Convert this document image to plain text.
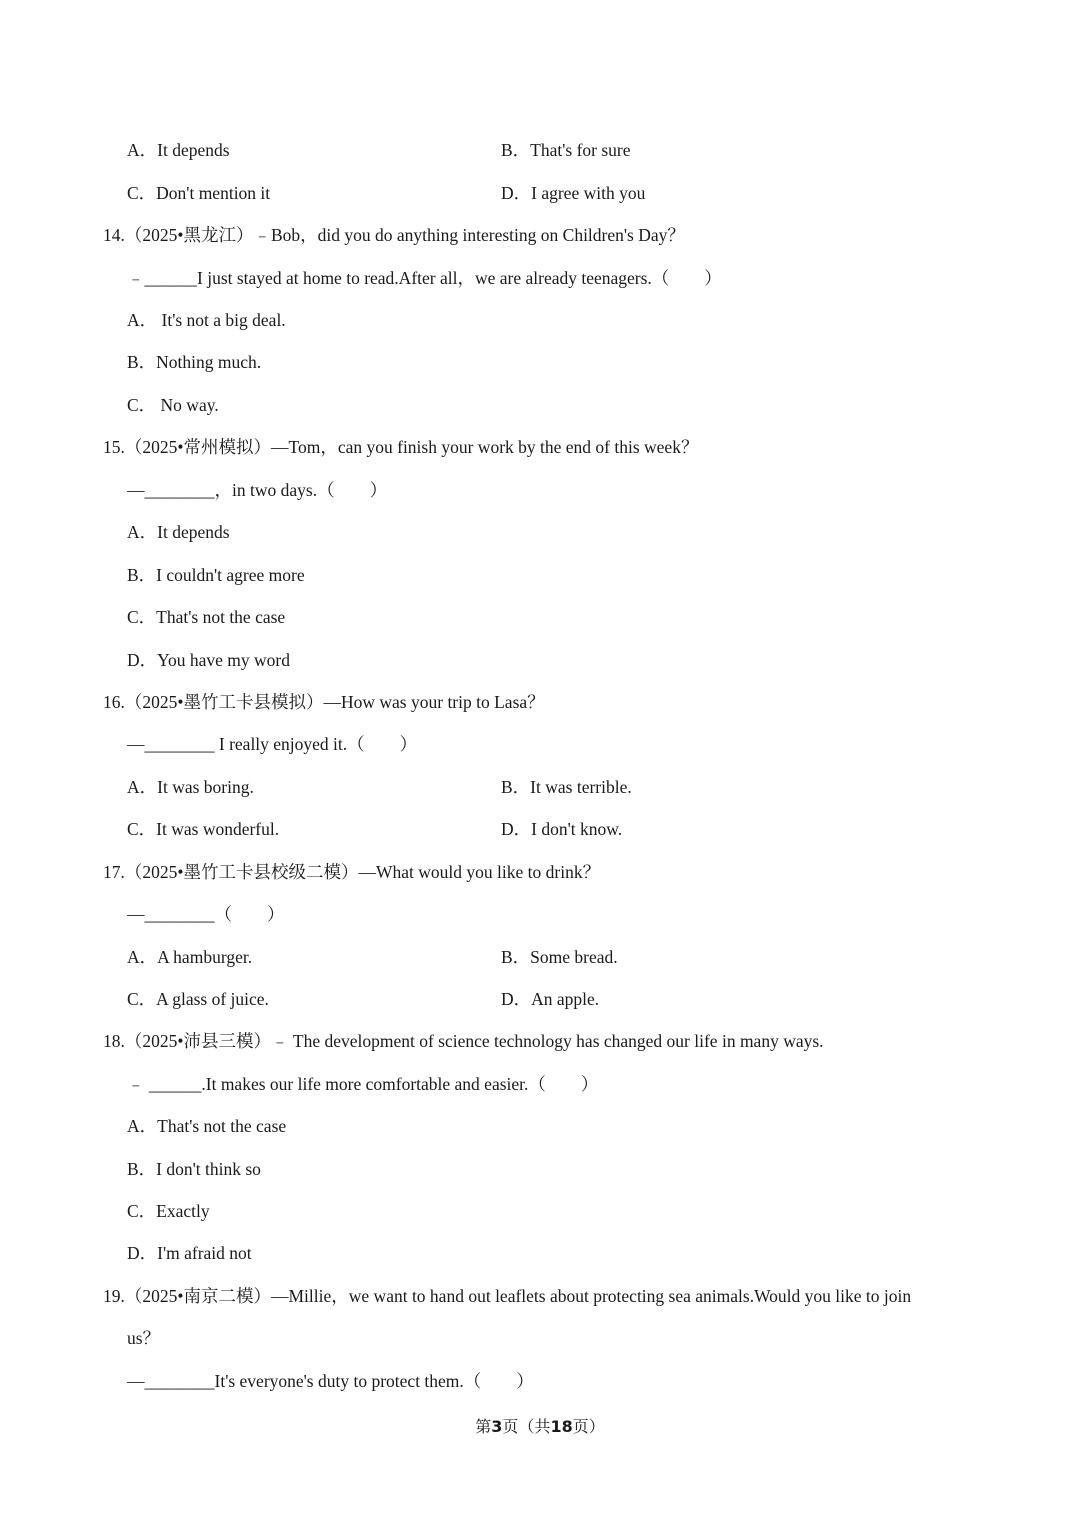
A．It depends	B．That's for sure
C．Don't mention it	D．I agree with you
14.（2025•黑龙江）﹣Bob，did you do anything interesting on Children's Day？
﹣______I just stayed at home to read.After all，we are already teenagers.（　　）
A． It's not a big deal.
B．Nothing much.
C． No way.
15.（2025•常州模拟）—Tom，can you finish your work by the end of this week？
—________，in two days.（　　）
A．It depends
B．I couldn't agree more
C．That's not the case
D．You have my word
16.（2025•墨竹工卡县模拟）—How was your trip to Lasa？
—________ I really enjoyed it.（　　）
A．It was boring.	B．It was terrible.
C．It was wonderful.	D．I don't know.
17.（2025•墨竹工卡县校级二模）—What would you like to drink？
—________（　　）
A．A hamburger.	B．Some bread.
C．A glass of juice.	D．An apple.
18.（2025•沛县三模）﹣ The development of science technology has changed our life in many ways.
﹣ ______.It makes our life more comfortable and easier.（　　）
A．That's not the case
B．I don't think so
C．Exactly
D．I'm afraid not
19.（2025•南京二模）—Millie，we want to hand out leaflets about protecting sea animals.Would you like to join
us？
—________It's everyone's duty to protect them.（　　）
第3页（共18页）
